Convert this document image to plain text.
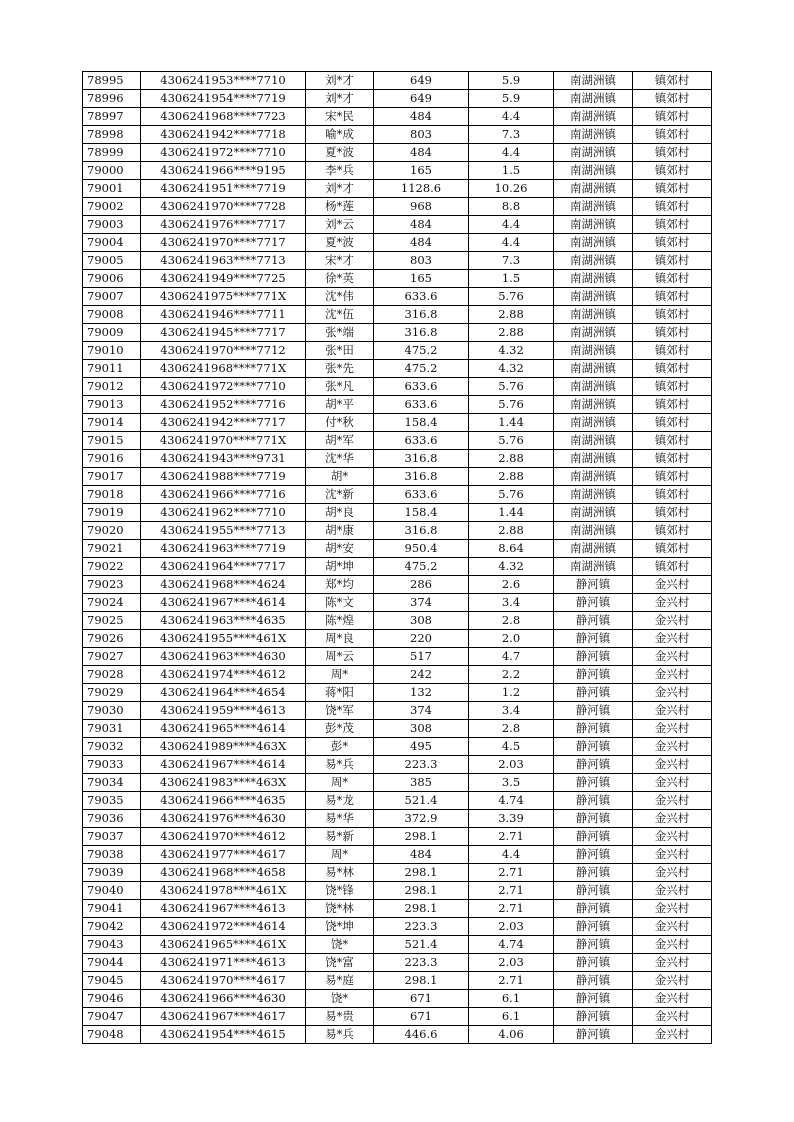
78995	4306241953****7710	刘*才	649	5.9	南湖洲镇	镇郊村
78996	4306241954****7719	刘*才	649	5.9	南湖洲镇	镇郊村
78997	4306241968****7723	宋*民	484	4.4	南湖洲镇	镇郊村
78998	4306241942****7718	喻*成	803	7.3	南湖洲镇	镇郊村
78999	4306241972****7710	夏*波	484	4.4	南湖洲镇	镇郊村
79000	4306241966****9195	李*兵	165	1.5	南湖洲镇	镇郊村
79001	4306241951****7719	刘*才	1128.6	10.26	南湖洲镇	镇郊村
79002	4306241970****7728	杨*莲	968	8.8	南湖洲镇	镇郊村
79003	4306241976****7717	刘*云	484	4.4	南湖洲镇	镇郊村
79004	4306241970****7717	夏*波	484	4.4	南湖洲镇	镇郊村
79005	4306241963****7713	宋*才	803	7.3	南湖洲镇	镇郊村
79006	4306241949****7725	徐*英	165	1.5	南湖洲镇	镇郊村
79007	4306241975****771X	沈*伟	633.6	5.76	南湖洲镇	镇郊村
79008	4306241946****7711	沈*伍	316.8	2.88	南湖洲镇	镇郊村
79009	4306241945****7717	张*端	316.8	2.88	南湖洲镇	镇郊村
79010	4306241970****7712	张*田	475.2	4.32	南湖洲镇	镇郊村
79011	4306241968****771X	张*先	475.2	4.32	南湖洲镇	镇郊村
79012	4306241972****7710	张*凡	633.6	5.76	南湖洲镇	镇郊村
79013	4306241952****7716	胡*平	633.6	5.76	南湖洲镇	镇郊村
79014	4306241942****7717	付*秋	158.4	1.44	南湖洲镇	镇郊村
79015	4306241970****771X	胡*军	633.6	5.76	南湖洲镇	镇郊村
79016	4306241943****9731	沈*华	316.8	2.88	南湖洲镇	镇郊村
79017	4306241988****7719	胡*	316.8	2.88	南湖洲镇	镇郊村
79018	4306241966****7716	沈*新	633.6	5.76	南湖洲镇	镇郊村
79019	4306241962****7710	胡*良	158.4	1.44	南湖洲镇	镇郊村
79020	4306241955****7713	胡*康	316.8	2.88	南湖洲镇	镇郊村
79021	4306241963****7719	胡*安	950.4	8.64	南湖洲镇	镇郊村
79022	4306241964****7717	胡*坤	475.2	4.32	南湖洲镇	镇郊村
79023	4306241968****4624	郑*均	286	2.6	静河镇	金兴村
79024	4306241967****4614	陈*文	374	3.4	静河镇	金兴村
79025	4306241963****4635	陈*煌	308	2.8	静河镇	金兴村
79026	4306241955****461X	周*良	220	2.0	静河镇	金兴村
79027	4306241963****4630	周*云	517	4.7	静河镇	金兴村
79028	4306241974****4612	周*	242	2.2	静河镇	金兴村
79029	4306241964****4654	蒋*阳	132	1.2	静河镇	金兴村
79030	4306241959****4613	饶*军	374	3.4	静河镇	金兴村
79031	4306241965****4614	彭*茂	308	2.8	静河镇	金兴村
79032	4306241989****463X	彭*	495	4.5	静河镇	金兴村
79033	4306241967****4614	易*兵	223.3	2.03	静河镇	金兴村
79034	4306241983****463X	周*	385	3.5	静河镇	金兴村
79035	4306241966****4635	易*龙	521.4	4.74	静河镇	金兴村
79036	4306241976****4630	易*华	372.9	3.39	静河镇	金兴村
79037	4306241970****4612	易*新	298.1	2.71	静河镇	金兴村
79038	4306241977****4617	周*	484	4.4	静河镇	金兴村
79039	4306241968****4658	易*林	298.1	2.71	静河镇	金兴村
79040	4306241978****461X	饶*锋	298.1	2.71	静河镇	金兴村
79041	4306241967****4613	饶*林	298.1	2.71	静河镇	金兴村
79042	4306241972****4614	饶*坤	223.3	2.03	静河镇	金兴村
79043	4306241965****461X	饶*	521.4	4.74	静河镇	金兴村
79044	4306241971****4613	饶*富	223.3	2.03	静河镇	金兴村
79045	4306241970****4617	易*庭	298.1	2.71	静河镇	金兴村
79046	4306241966****4630	饶*	671	6.1	静河镇	金兴村
79047	4306241967****4617	易*贵	671	6.1	静河镇	金兴村
79048	4306241954****4615	易*兵	446.6	4.06	静河镇	金兴村
